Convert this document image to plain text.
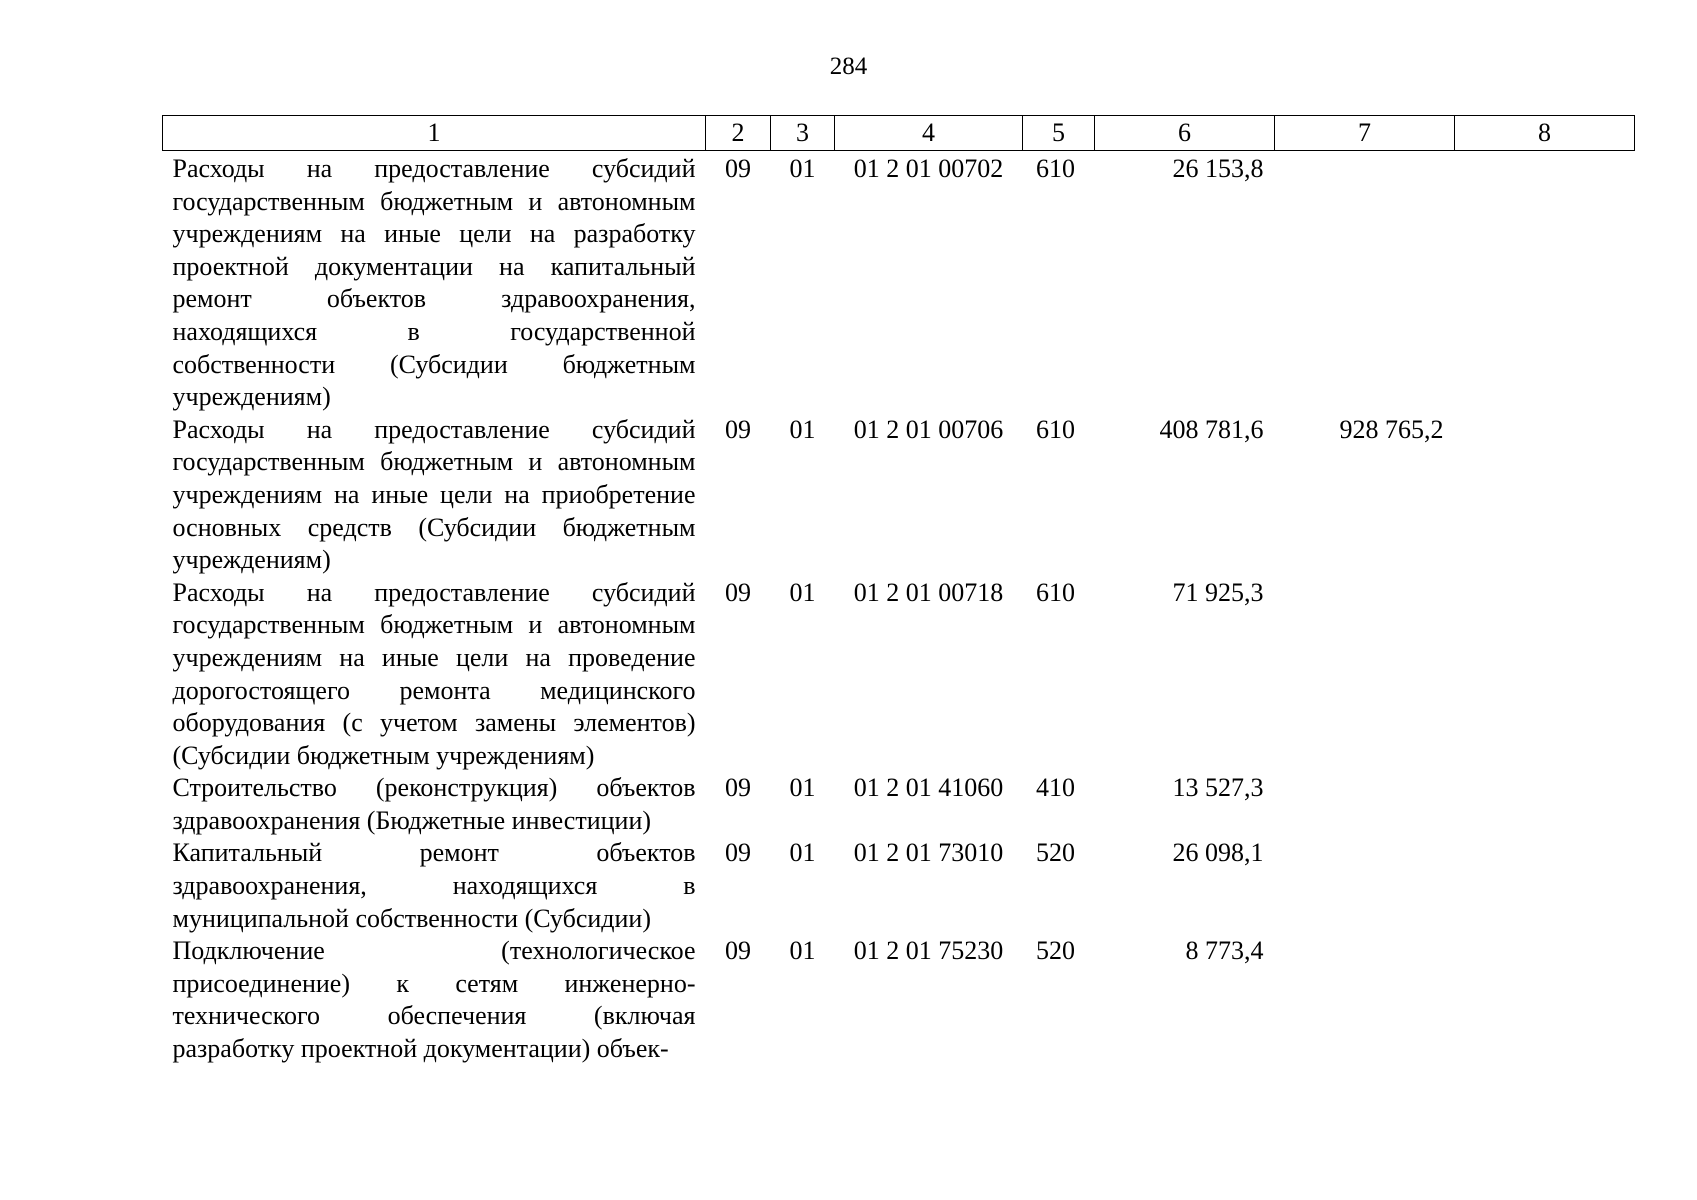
284
1	2	3	4	5	6	7	8
Расходы на предоставление субсидий государственным бюджетным и автономным учреждениям на иные цели на разработку проектной документации на капитальный ремонт объектов здравоохранения, находящихся в государственной собственности (Субсидии бюджетным учреждениям)	09	01	01 2 01 00702	610	26 153,8		
Расходы на предоставление субсидий государственным бюджетным и автономным учреждениям на иные цели на приобретение основных средств (Субсидии бюджетным учреждениям)	09	01	01 2 01 00706	610	408 781,6	928 765,2	
Расходы на предоставление субсидий государственным бюджетным и автономным учреждениям на иные цели на проведение дорогостоящего ремонта медицинского оборудования (с учетом замены элементов) (Субсидии бюджетным учреждениям)	09	01	01 2 01 00718	610	71 925,3		
Строительство (реконструкция) объектов здравоохранения (Бюджетные инвестиции)	09	01	01 2 01 41060	410	13 527,3		
Капитальный ремонт объектов здравоохранения, находящихся в муниципальной собственности (Субсидии)	09	01	01 2 01 73010	520	26 098,1		
Подключение (технологическое присоединение) к сетям инженерно-технического обеспечения (включая разработку проектной документации) объек-	09	01	01 2 01 75230	520	8 773,4		
